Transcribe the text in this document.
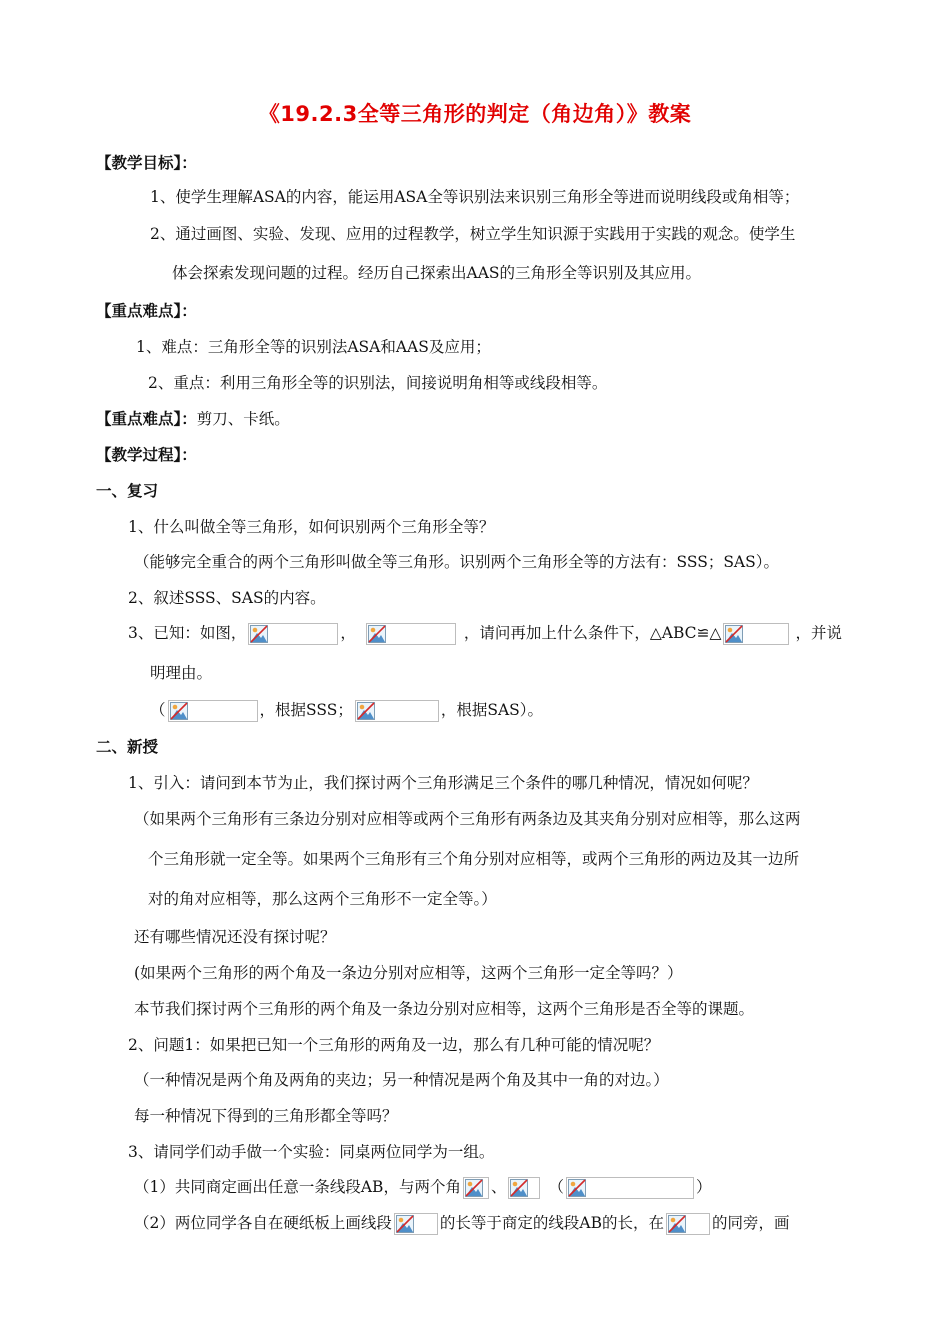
《19.2.3全等三角形的判定（角边角）》教案
【教学目标】：
1、使学生理解ASA的内容，能运用ASA全等识别法来识别三角形全等进而说明线段或角相等；
2、通过画图、实验、发现、应用的过程教学，树立学生知识源于实践用于实践的观念。使学生
体会探索发现问题的过程。经历自己探索出AAS的三角形全等识别及其应用。
【重点难点】：
1、难点：三角形全等的识别法ASA和AAS及应用；
2、重点：利用三角形全等的识别法，间接说明角相等或线段相等。
【重点难点】：剪刀、卡纸。
【教学过程】：
一、复习
1、什么叫做全等三角形，如何识别两个三角形全等？
（能够完全重合的两个三角形叫做全等三角形。识别两个三角形全等的方法有：SSS；SAS）。
2、叙述SSS、SAS的内容。
3、已知：如图，	，	，请问再加上什么条件下，△ABC≌△	，并说
明理由。
（	，根据SSS；	，根据SAS）。
二、新授
1、引入：请问到本节为止，我们探讨两个三角形满足三个条件的哪几种情况，情况如何呢？
（如果两个三角形有三条边分别对应相等或两个三角形有两条边及其夹角分别对应相等，那么这两
个三角形就一定全等。如果两个三角形有三个角分别对应相等，或两个三角形的两边及其一边所
对的角对应相等，那么这两个三角形不一定全等。）
还有哪些情况还没有探讨呢？
(如果两个三角形的两个角及一条边分别对应相等，这两个三角形一定全等吗？）
本节我们探讨两个三角形的两个角及一条边分别对应相等，这两个三角形是否全等的课题。
2、问题1：如果把已知一个三角形的两角及一边，那么有几种可能的情况呢？
（一种情况是两个角及两角的夹边；另一种情况是两个角及其中一角的对边。）
每一种情况下得到的三角形都全等吗？
3、请同学们动手做一个实验：同桌两位同学为一组。
（1）共同商定画出任意一条线段AB，与两个角 、	（	）
（2）两位同学各自在硬纸板上画线段	的长等于商定的线段AB的长，在	的同旁，画
